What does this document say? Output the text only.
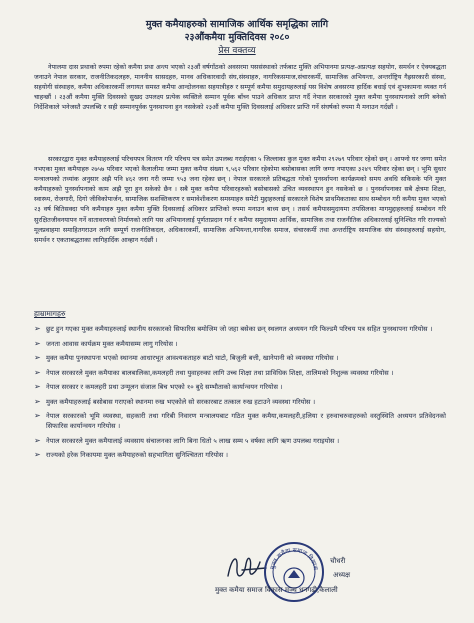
मुक्त कमैयाहरुको सामाजिक आर्थिक समृद्धिका लागि
२३औंकमैया मुक्तिदिवस २०८०
प्रेस वक्तव्य
नेपालमा दास प्रथाको रुपमा रहेको कमैया प्रथा अन्त्य भएको २३औं वर्षगाँठको अवसरमा यससंस्थाको तर्फबाट मुक्ति अभियानमा प्रत्यक्ष-अप्रत्यक्ष सहयोग, समर्थन र ऐक्यबद्धता जनाउने नेपाल सरकार, राजनीतिकदलहरु, माननीय सासदहरु, मानव अधिकारवादी संघ,संस्थाहरु, नागरिकसमाज,संचारकर्मी, सामाजिक अभियन्ता, अन्तर्राष्ट्रिय गैह्रसरकारी संस्था, सहयोगी संस्थाहरु, कमैया अधिकारकर्मी लगायत समस्त कमैया आन्दोलनका सहयात्रीहरु र सम्पूर्ण कमैया समुदायहरुलाई यस विशेष अवसरमा हार्दिक बधाई एवं शुभकामना व्यक्त गर्न चाहन्छौं । २३औं कमैया मुक्ति दिवसको सुखद उपलक्ष्य प्रत्येक व्यक्तिले सम्मान पूर्वक बाँच्न पाउने अधिकार प्राप्त गर्दै नेपाल सरकारको मुक्त कमैया पुनस्थापनाको लागि बनेको निर्देशिकाले भनेजस्तै उपलब्धि र सही सम्मानपूर्वक पुनस्थापना हुन नसकेको २३औं कमैया मुक्ति दिवसलाई अधिकार प्राप्ति गर्ने संघर्षको रुपमा मै मनाउन गर्दछौं ।
सरकारद्वारा मुक्त कमैयाहरुलाई परिचयपत्र वितरण गरि परिचय पत्र समेत उपलब्ध गराईएका ५ जिल्लाका कुल मुक्त कमैया २९२७९ परिवार रहेको छन् । आफ्नो घर जग्गा समेत नभएका मुक्त कमैयाहरु २७५७ परिवार भएको कैलालीमा जम्मा मुक्त कमैया संख्या ९,५६२ परिवार रहेकोमा बसोबासका लागि जग्गा नपाएका ३२४९ परिवार रहेका छन् । भूमि सुधार मन्त्रालयको तथ्यांक अनुसार अझै पनि ४६२ जना गरी जम्मा ९५३ जना रहेका छन् । नेपाल सरकारले प्रतिबद्धता गरेको पुनर्स्थापना कार्यक्रमको समय अवधि सकिसके पनि मुक्त कमैयाहरुको पुनर्स्थापनाको काम अझै पूरा हुन सकेको छैन । सबै मुक्त कमैया परिवारहरुको बसोबासको उचित व्यवस्थापन हुन नसकेको छ । पुनर्स्थापनाका सबै क्षेत्रमा शिक्षा, स्वास्थ्य, रोजगारी, दिगो जीविकोपार्जन, सामाजिक सशक्तिकरण र समावेशीकरण समस्याहरु समेटी मुद्दाहरुलाई सरकारले विशेष प्राथमिकताका साथ सम्बोधन गरी कमैया मुक्त भएको २३ वर्ष बितिसक्दा पनि कमैयाहरु मुक्त कमैया मुक्ति दिवसलाई अधिकार प्राप्तिको रुपमा मनाउन बाध्य छन् । तसर्थ कमैयासमुदायमा तपसिलका मागमुद्दाहरुलाई सम्बोधन गरि सुरक्षितजीवनयापन गर्ने वातावरणको निर्माणको लागि यस अभियानलाई पूर्णताप्रदान गर्न र कमैया समुदायमा आर्थिक, सामाजिक तथा राजनीतिक अधिकारलाई सुनिश्चित गरि राज्यको मूलप्रवाहमा समाहितगराउन लागि सम्पूर्ण राजनीतिकदल, अधिकारकर्मी, सामाजिक अभियन्ता,नागरिक समाज, संचारकर्मी तथा अन्तर्राष्ट्रिय सामाजिक संघ संस्थाहरुलाई सहयोग, समर्थन र एकताबद्धताका लागिहार्दिक आव्हान गर्दछौं ।
हाम्रामागहरु
➢ छुट हुन गएका मुक्त कमैयाहरुलाई स्थानीय सरकारको सिफारिस बमोजिम जो जहा बसेका छन् स्थलगत अध्ययन गरि फिल्डमै परिचय पत्र सहित पुनस्थापना गरियोस ।
➢ जनता आवास कार्यक्रम मुक्त कमैयासम्म लागु गरियोस ।
➢ मुक्त कमैया पुनस्थापना भएको स्थानमा आधारभूत आवश्यकताहरु बाटो घाटो, बिजुली बत्ती, खानेपानी को व्यवस्था गरियोस ।
➢ नेपाल सरकारले मुक्त कमैयाका बालबालिका,कमलहरी तथा युवाहरुका लागि उच्च शिक्षा तथा प्राविधिक शिक्षा, तालिमको निशुल्क व्यवस्था गरियोस ।
➢ नेपाल सरकार र कमलहरी प्रथा उन्मूलन संजाल बिच भएको १० बुदे सम्भौताको कार्यान्वयन गरियोस ।
➢ मुक्त कमैयाहरुलाई बसोबास गराएको स्थानमा रुख भएकोले सो सरकारबाट तत्काल रुख हटाउने व्यवस्था गरियोस ।
➢ नेपाल सरकारको भूमि व्यवस्था, सहकारी तथा गरिबी निवारण मन्त्रालयबाट गठित मुक्त कमैया,कमलहरी,हलिया र हरुवाचरुवाहरुको वस्तुस्थिति अध्ययन प्रतिवेदनको सिफारिस कार्यान्वयन गरियोस ।
➢ नेपाल सरकारले मुक्त कमैयालाई व्यवसाय संचालनका लागि बिना धितो ५ लाख सम्म ५ वर्षका लागि ऋण उपलब्ध गराइयोस ।
➢ राज्यको हरेक निकायमा मुक्त कमैयाहरुको सहभागिता सुनिश्चितता गरियोस ।
मुक्त कमैया समाज विकास
चौधरी
अध्यक्ष
मुक्त कमैया समाज विकास मञ्च धनगढी,कैलाली
